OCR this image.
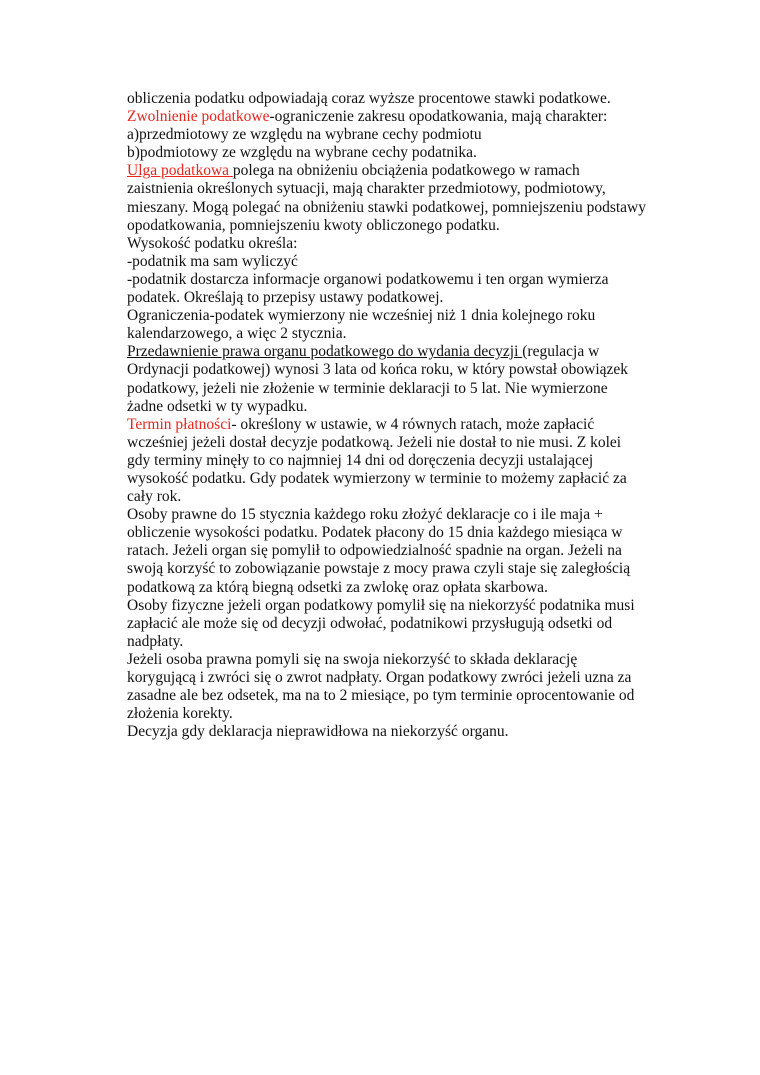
obliczenia podatku odpowiadają coraz wyższe procentowe stawki podatkowe.
Zwolnienie podatkowe-ograniczenie zakresu opodatkowania, mają charakter:
a)przedmiotowy ze względu na wybrane cechy podmiotu
b)podmiotowy ze względu na wybrane cechy podatnika.
Ulga podatkowa polega na obniżeniu obciążenia podatkowego w ramach
zaistnienia określonych sytuacji, mają charakter przedmiotowy, podmiotowy,
mieszany. Mogą polegać na obniżeniu stawki podatkowej, pomniejszeniu podstawy
opodatkowania, pomniejszeniu kwoty obliczonego podatku.
Wysokość podatku określa:
-podatnik ma sam wyliczyć
-podatnik dostarcza informacje organowi podatkowemu i ten organ wymierza
podatek. Określają to przepisy ustawy podatkowej.
Ograniczenia-podatek wymierzony nie wcześniej niż 1 dnia kolejnego roku
kalendarzowego, a więc 2 stycznia.
Przedawnienie prawa organu podatkowego do wydania decyzji (regulacja w
Ordynacji podatkowej) wynosi 3 lata od końca roku, w który powstał obowiązek
podatkowy, jeżeli nie złożenie w terminie deklaracji to 5 lat. Nie wymierzone
żadne odsetki w ty wypadku.
Termin płatności- określony w ustawie, w 4 równych ratach, może zapłacić
wcześniej jeżeli dostał decyzje podatkową. Jeżeli nie dostał to nie musi. Z kolei
gdy terminy minęły to co najmniej 14 dni od doręczenia decyzji ustalającej
wysokość podatku. Gdy podatek wymierzony w terminie to możemy zapłacić za
cały rok.
Osoby prawne do 15 stycznia każdego roku złożyć deklaracje co i ile maja +
obliczenie wysokości podatku. Podatek płacony do 15 dnia każdego miesiąca w
ratach. Jeżeli organ się pomylił to odpowiedzialność spadnie na organ. Jeżeli na
swoją korzyść to zobowiązanie powstaje z mocy prawa czyli staje się zaległością
podatkową za którą biegną odsetki za zwlokę oraz opłata skarbowa.
Osoby fizyczne jeżeli organ podatkowy pomylił się na niekorzyść podatnika musi
zapłacić ale może się od decyzji odwołać, podatnikowi przysługują odsetki od
nadpłaty.
Jeżeli osoba prawna pomyli się na swoja niekorzyść to składa deklarację
korygującą i zwróci się o zwrot nadpłaty. Organ podatkowy zwróci jeżeli uzna za
zasadne ale bez odsetek, ma na to 2 miesiące, po tym terminie oprocentowanie od
złożenia korekty.
Decyzja gdy deklaracja nieprawidłowa na niekorzyść organu.
